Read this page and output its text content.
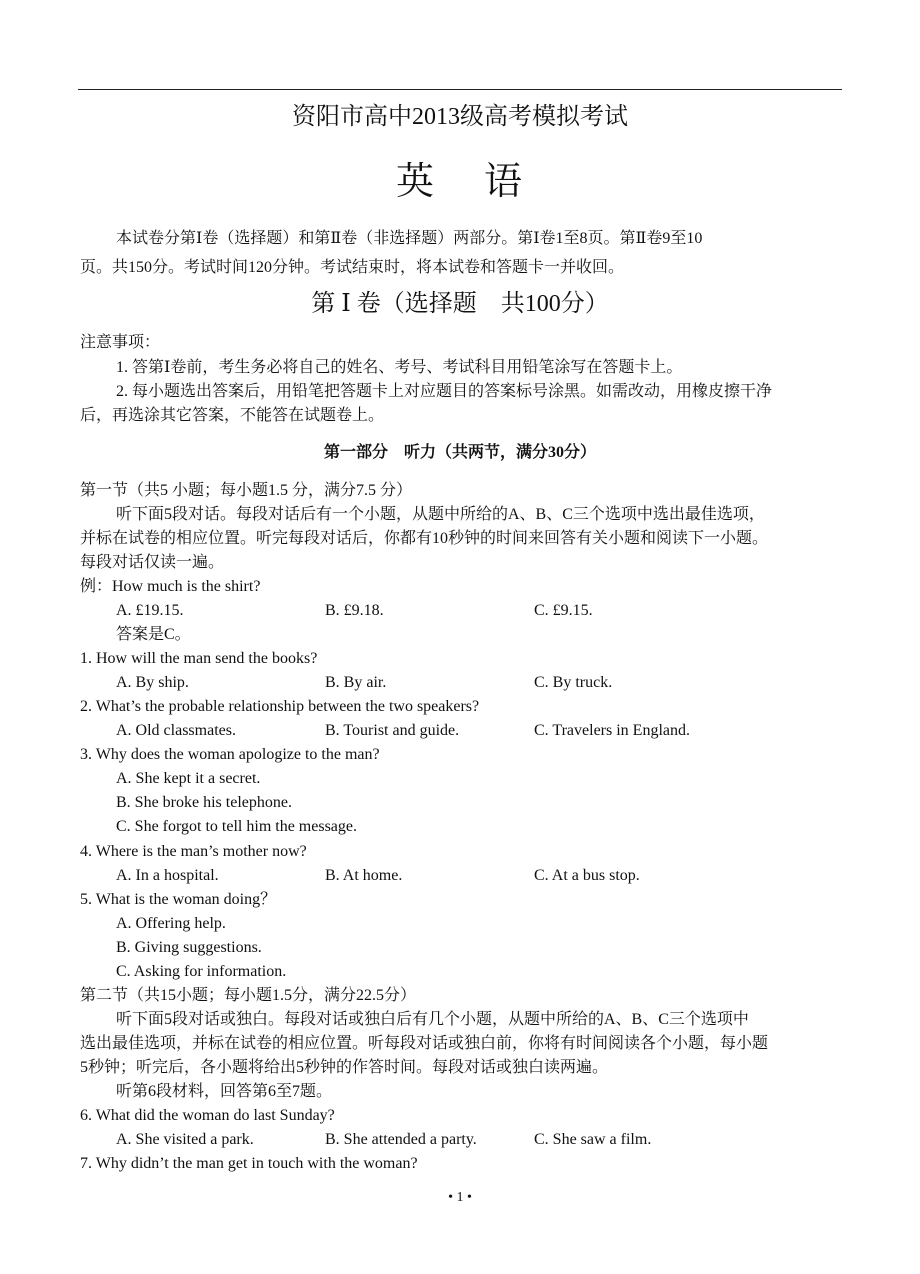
资阳市高中2013级高考模拟考试
英 语
本试卷分第Ⅰ卷（选择题）和第Ⅱ卷（非选择题）两部分。第Ⅰ卷1至8页。第Ⅱ卷9至10
页。共150分。考试时间120分钟。考试结束时，将本试卷和答题卡一并收回。
第 Ⅰ 卷（选择题　共100分）
注意事项：
1. 答第Ⅰ卷前，考生务必将自己的姓名、考号、考试科目用铅笔涂写在答题卡上。
2. 每小题选出答案后，用铅笔把答题卡上对应题目的答案标号涂黑。如需改动，用橡皮擦干净
后，再选涂其它答案，不能答在试题卷上。
第一部分　听力（共两节，满分30分）
第一节（共5 小题；每小题1.5 分，满分7.5 分）
听下面5段对话。每段对话后有一个小题，从题中所给的A、B、C三个选项中选出最佳选项，
并标在试卷的相应位置。听完每段对话后，你都有10秒钟的时间来回答有关小题和阅读下一小题。
每段对话仅读一遍。
例：How much is the shirt?
A. £19.15.	B. £9.18.	C. £9.15.
答案是C。
1. How will the man send the books?
A. By ship.	B. By air.	C. By truck.
2. What’s the probable relationship between the two speakers?
A. Old classmates.	B. Tourist and guide.	C. Travelers in England.
3. Why does the woman apologize to the man?
A. She kept it a secret.
B. She broke his telephone.
C. She forgot to tell him the message.
4. Where is the man’s mother now?
A. In a hospital.	B. At home.	C. At a bus stop.
5. What is the woman doing？
A. Offering help.
B. Giving suggestions.
C. Asking for information.
第二节（共15小题；每小题1.5分，满分22.5分）
听下面5段对话或独白。每段对话或独白后有几个小题，从题中所给的A、B、C三个选项中
选出最佳选项，并标在试卷的相应位置。听每段对话或独白前，你将有时间阅读各个小题，每小题
5秒钟；听完后，各小题将给出5秒钟的作答时间。每段对话或独白读两遍。
听第6段材料，回答第6至7题。
6. What did the woman do last Sunday?
A. She visited a park.	B. She attended a party.	C. She saw a film.
7. Why didn’t the man get in touch with the woman?
• 1 •
